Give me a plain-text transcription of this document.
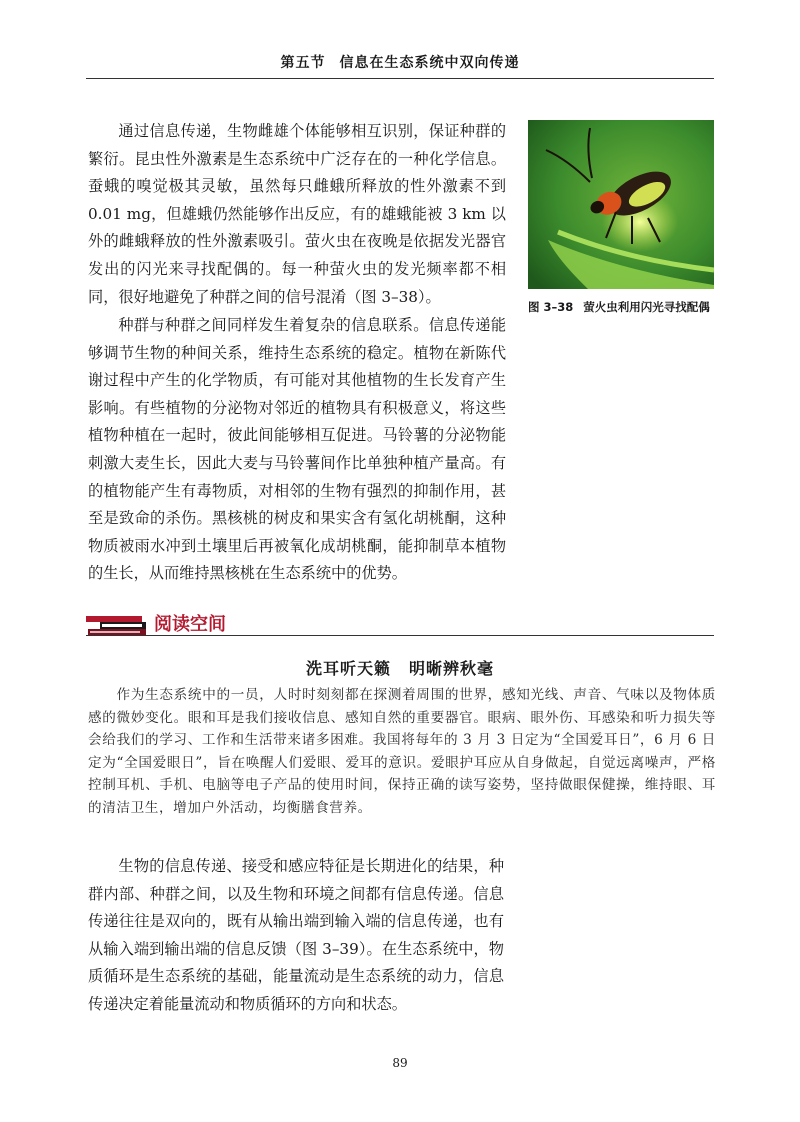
第五节 信息在生态系统中双向传递

通过信息传递，生物雌雄个体能够相互识别，保证种群的繁衍。昆虫性外激素是生态系统中广泛存在的一种化学信息。蚕蛾的嗅觉极其灵敏，虽然每只雌蛾所释放的性外激素不到 0.01 mg，但雄蛾仍然能够作出反应，有的雄蛾能被 3 km 以外的雌蛾释放的性外激素吸引。萤火虫在夜晚是依据发光器官发出的闪光来寻找配偶的。每一种萤火虫的发光频率都不相同，很好地避免了种群之间的信号混淆（图 3–38）。

图 3–38 萤火虫利用闪光寻找配偶

种群与种群之间同样发生着复杂的信息联系。信息传递能够调节生物的种间关系，维持生态系统的稳定。植物在新陈代谢过程中产生的化学物质，有可能对其他植物的生长发育产生影响。有些植物的分泌物对邻近的植物具有积极意义，将这些植物种植在一起时，彼此间能够相互促进。马铃薯的分泌物能刺激大麦生长，因此大麦与马铃薯间作比单独种植产量高。有的植物能产生有毒物质，对相邻的生物有强烈的抑制作用，甚至是致命的杀伤。黑核桃的树皮和果实含有氢化胡桃酮，这种物质被雨水冲到土壤里后再被氧化成胡桃酮，能抑制草本植物的生长，从而维持黑核桃在生态系统中的优势。

阅读空间
洗耳听天籁 明晰辨秋毫

作为生态系统中的一员，人时时刻刻都在探测着周围的世界，感知光线、声音、气味以及物体质感的微妙变化。眼和耳是我们接收信息、感知自然的重要器官。眼病、眼外伤、耳感染和听力损失等会给我们的学习、工作和生活带来诸多困难。我国将每年的 3 月 3 日定为“全国爱耳日”，6 月 6 日定为“全国爱眼日”，旨在唤醒人们爱眼、爱耳的意识。爱眼护耳应从自身做起，自觉远离噪声，严格控制耳机、手机、电脑等电子产品的使用时间，保持正确的读写姿势，坚持做眼保健操，维持眼、耳的清洁卫生，增加户外活动，均衡膳食营养。

生物的信息传递、接受和感应特征是长期进化的结果，种群内部、种群之间，以及生物和环境之间都有信息传递。信息传递往往是双向的，既有从输出端到输入端的信息传递，也有从输入端到输出端的信息反馈（图 3–39）。在生态系统中，物质循环是生态系统的基础，能量流动是生态系统的动力，信息传递决定着能量流动和物质循环的方向和状态。

89
